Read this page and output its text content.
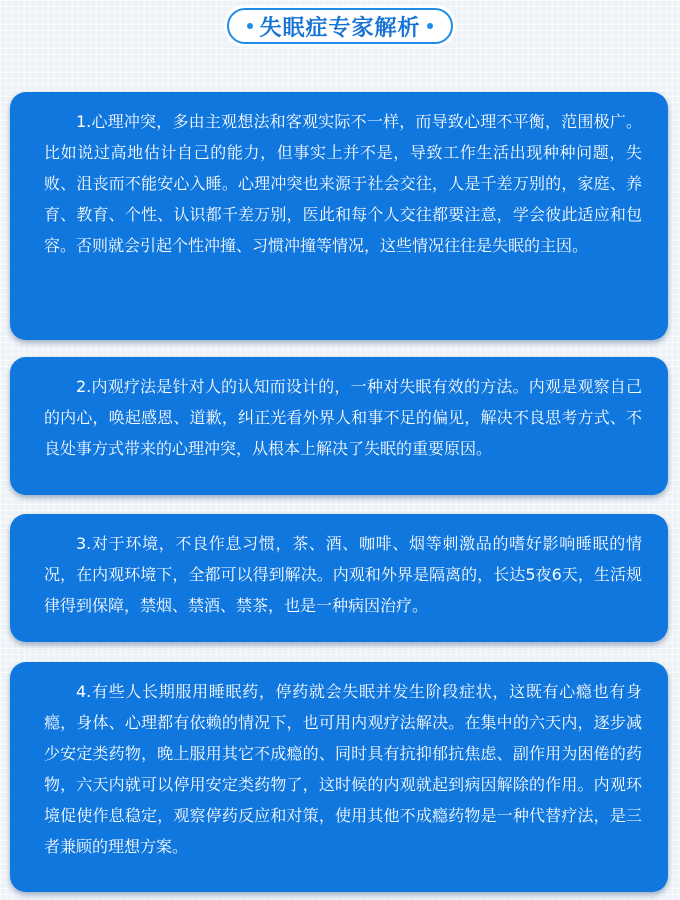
失眠症专家解析

1.心理冲突，多由主观想法和客观实际不一样，而导致心理不平衡，范围极广。比如说过高地估计自己的能力，但事实上并不是，导致工作生活出现种种问题，失败、沮丧而不能安心入睡。心理冲突也来源于社会交往，人是千差万别的，家庭、养育、教育、个性、认识都千差万别，医此和每个人交往都要注意，学会彼此适应和包容。否则就会引起个性冲撞、习惯冲撞等情况，这些情况往往是失眠的主因。

2.内观疗法是针对人的认知而设计的，一种对失眠有效的方法。内观是观察自己的内心，唤起感恩、道歉，纠正光看外界人和事不足的偏见，解决不良思考方式、不良处事方式带来的心理冲突，从根本上解决了失眠的重要原因。

3.对于环境，不良作息习惯，茶、酒、咖啡、烟等刺激品的嗜好影响睡眠的情况，在内观环境下，全都可以得到解决。内观和外界是隔离的，长达5夜6天，生活规律得到保障，禁烟、禁酒、禁茶，也是一种病因治疗。

4.有些人长期服用睡眠药，停药就会失眠并发生阶段症状，这既有心瘾也有身瘾，身体、心理都有依赖的情况下，也可用内观疗法解决。在集中的六天内，逐步减少安定类药物，晚上服用其它不成瘾的、同时具有抗抑郁抗焦虑、副作用为困倦的药物，六天内就可以停用安定类药物了，这时候的内观就起到病因解除的作用。内观环境促使作息稳定，观察停药反应和对策，使用其他不成瘾药物是一种代替疗法，是三者兼顾的理想方案。
